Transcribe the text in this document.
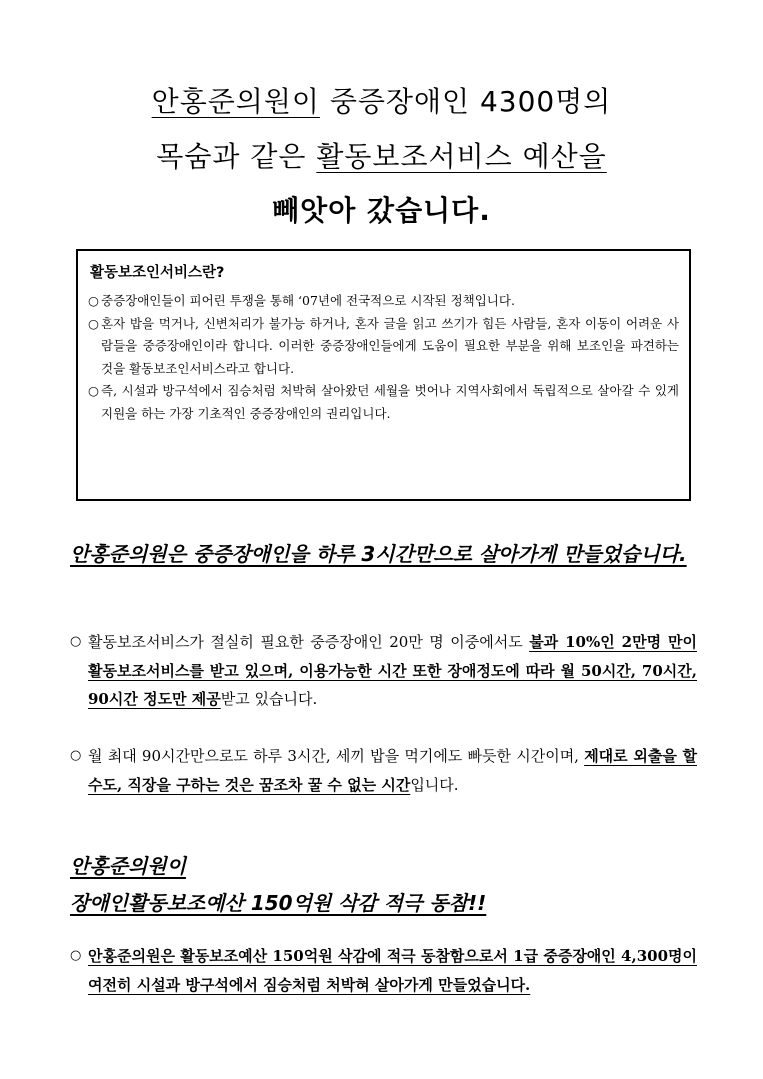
안홍준의원이 중증장애인 4300명의
목숨과 같은 활동보조서비스 예산을
빼앗아 갔습니다.
활동보조인서비스란?
○ 중증장애인들이 피어린 투쟁을 통해 ‘07년에 전국적으로 시작된 정책입니다.
○ 혼자 밥을 먹거나, 신변처리가 불가능 하거나, 혼자 글을 읽고 쓰기가 힘든 사람들, 혼자 이동이 어려운 사람들을 중증장애인이라 합니다. 이러한 중증장애인들에게 도움이 필요한 부분을 위해 보조인을 파견하는 것을 활동보조인서비스라고 합니다.
○ 즉, 시설과 방구석에서 짐승처럼 처박혀 살아왔던 세월을 벗어나 지역사회에서 독립적으로 살아갈 수 있게 지원을 하는 가장 기초적인 중증장애인의 권리입니다.
안홍준의원은 중증장애인을 하루 3시간만으로 살아가게 만들었습니다.
○ 활동보조서비스가 절실히 필요한 중증장애인 20만 명 이중에서도 불과 10%인 2만명 만이 활동보조서비스를 받고 있으며, 이용가능한 시간 또한 장애정도에 따라 월 50시간, 70시간, 90시간 정도만 제공받고 있습니다.
○ 월 최대 90시간만으로도 하루 3시간, 세끼 밥을 먹기에도 빠듯한 시간이며, 제대로 외출을 할 수도, 직장을 구하는 것은 꿈조차 꿀 수 없는 시간입니다.
안홍준의원이
장애인활동보조예산 150억원 삭감 적극 동참!!
○ 안홍준의원은 활동보조예산 150억원 삭감에 적극 동참함으로서 1급 중증장애인 4,300명이 여전히 시설과 방구석에서 짐승처럼 처박혀 살아가게 만들었습니다.
